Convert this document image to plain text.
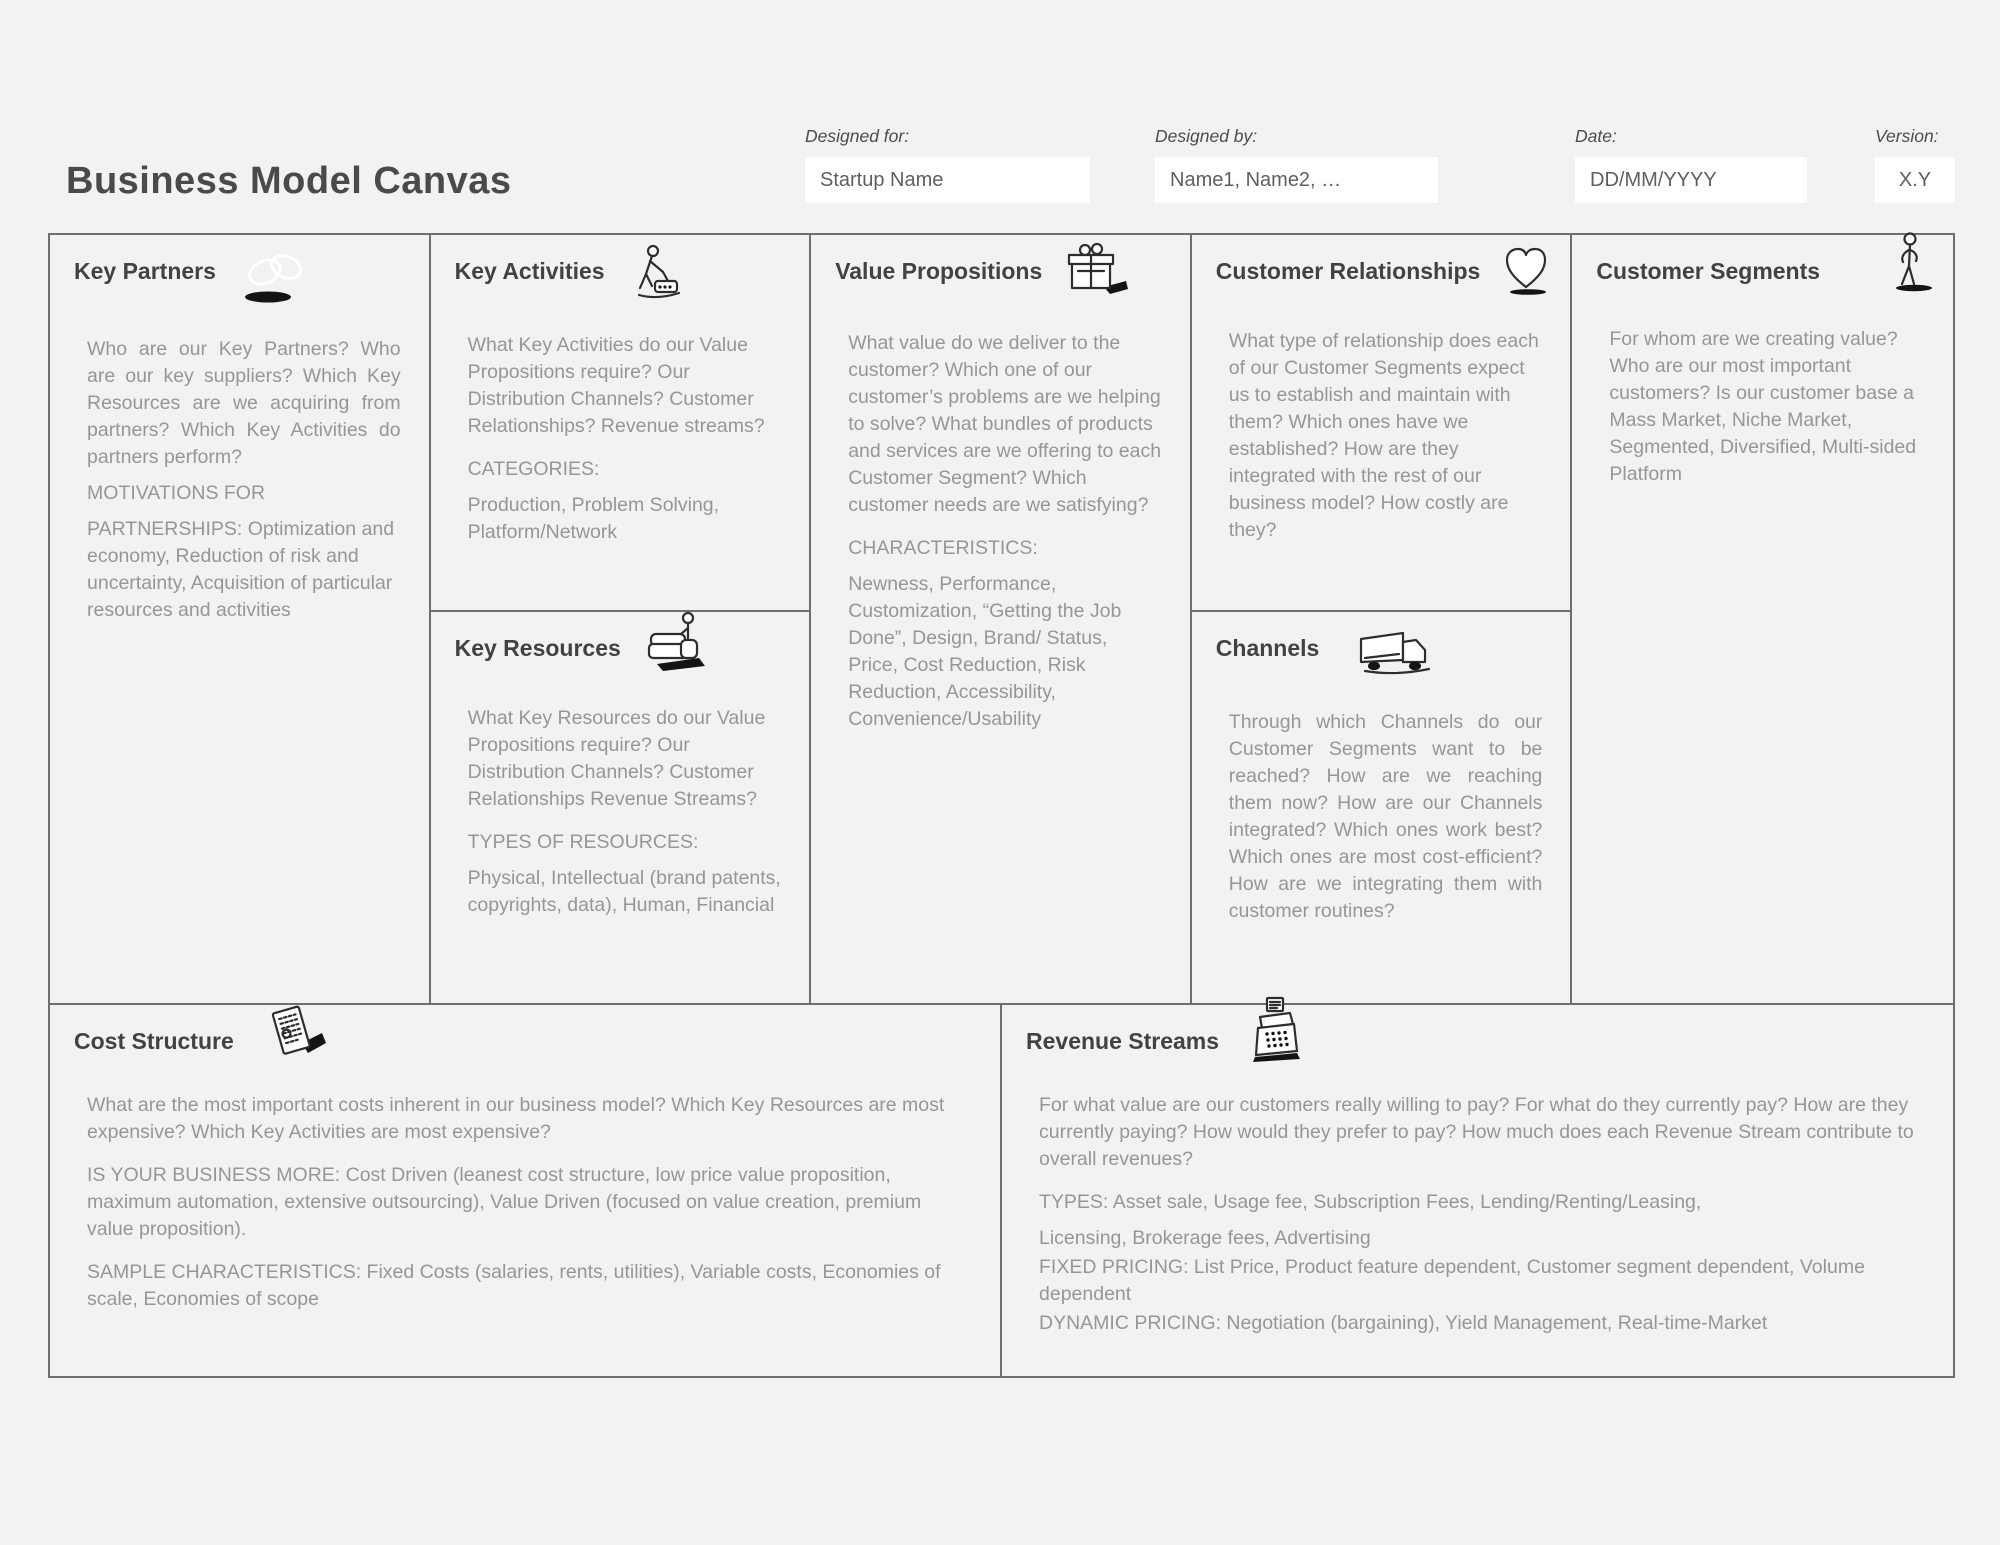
Business Model Canvas
Designed for:
Startup Name
Designed by:
Name1, Name2, …
Date:
DD/MM/YYYY
Version:
X.Y
Key Partners

Who are our Key Partners? Who are our key suppliers? Which Key Resources are we acquiring from partners? Which Key Activities do partners perform?

MOTIVATIONS FOR

PARTNERSHIPS: Optimization and economy, Reduction of risk and uncertainty, Acquisition of particular resources and activities

Key Activities

What Key Activities do our Value Propositions require? Our Distribution Channels? Customer Relationships? Revenue streams?

CATEGORIES:

Production, Problem Solving, Platform/Network

Key Resources

What Key Resources do our Value Propositions require? Our Distribution Channels? Customer Relationships Revenue Streams?

TYPES OF RESOURCES:

Physical, Intellectual (brand patents, copyrights, data), Human, Financial

Value Propositions

What value do we deliver to the customer? Which one of our customer’s problems are we helping to solve? What bundles of products and services are we offering to each Customer Segment? Which customer needs are we satisfying?

CHARACTERISTICS:

Newness, Performance, Customization, “Getting the Job Done”, Design, Brand/ Status, Price, Cost Reduction, Risk Reduction, Accessibility, Convenience/Usability

Customer Relationships

What type of relationship does each of our Customer Segments expect us to establish and maintain with them? Which ones have we established? How are they integrated with the rest of our business model? How costly are they?

Channels

Through which Channels do our Customer Segments want to be reached? How are we reaching them now? How are our Channels integrated? Which ones work best? Which ones are most cost-efficient? How are we integrating them with customer routines?

Customer Segments

For whom are we creating value? Who are our most important customers? Is our customer base a Mass Market, Niche Market, Segmented, Diversified, Multi-sided Platform

Cost Structure

What are the most important costs inherent in our business model? Which Key Resources are most expensive? Which Key Activities are most expensive?

IS YOUR BUSINESS MORE: Cost Driven (leanest cost structure, low price value proposition, maximum automation, extensive outsourcing), Value Driven (focused on value creation, premium value proposition).

SAMPLE CHARACTERISTICS: Fixed Costs (salaries, rents, utilities), Variable costs, Economies of scale, Economies of scope

Revenue Streams

For what value are our customers really willing to pay? For what do they currently pay? How are they currently paying? How would they prefer to pay? How much does each Revenue Stream contribute to overall revenues?

TYPES: Asset sale, Usage fee, Subscription Fees, Lending/Renting/Leasing,

Licensing, Brokerage fees, Advertising

FIXED PRICING: List Price, Product feature dependent, Customer segment dependent, Volume dependent

DYNAMIC PRICING: Negotiation (bargaining), Yield Management, Real-time-Market
